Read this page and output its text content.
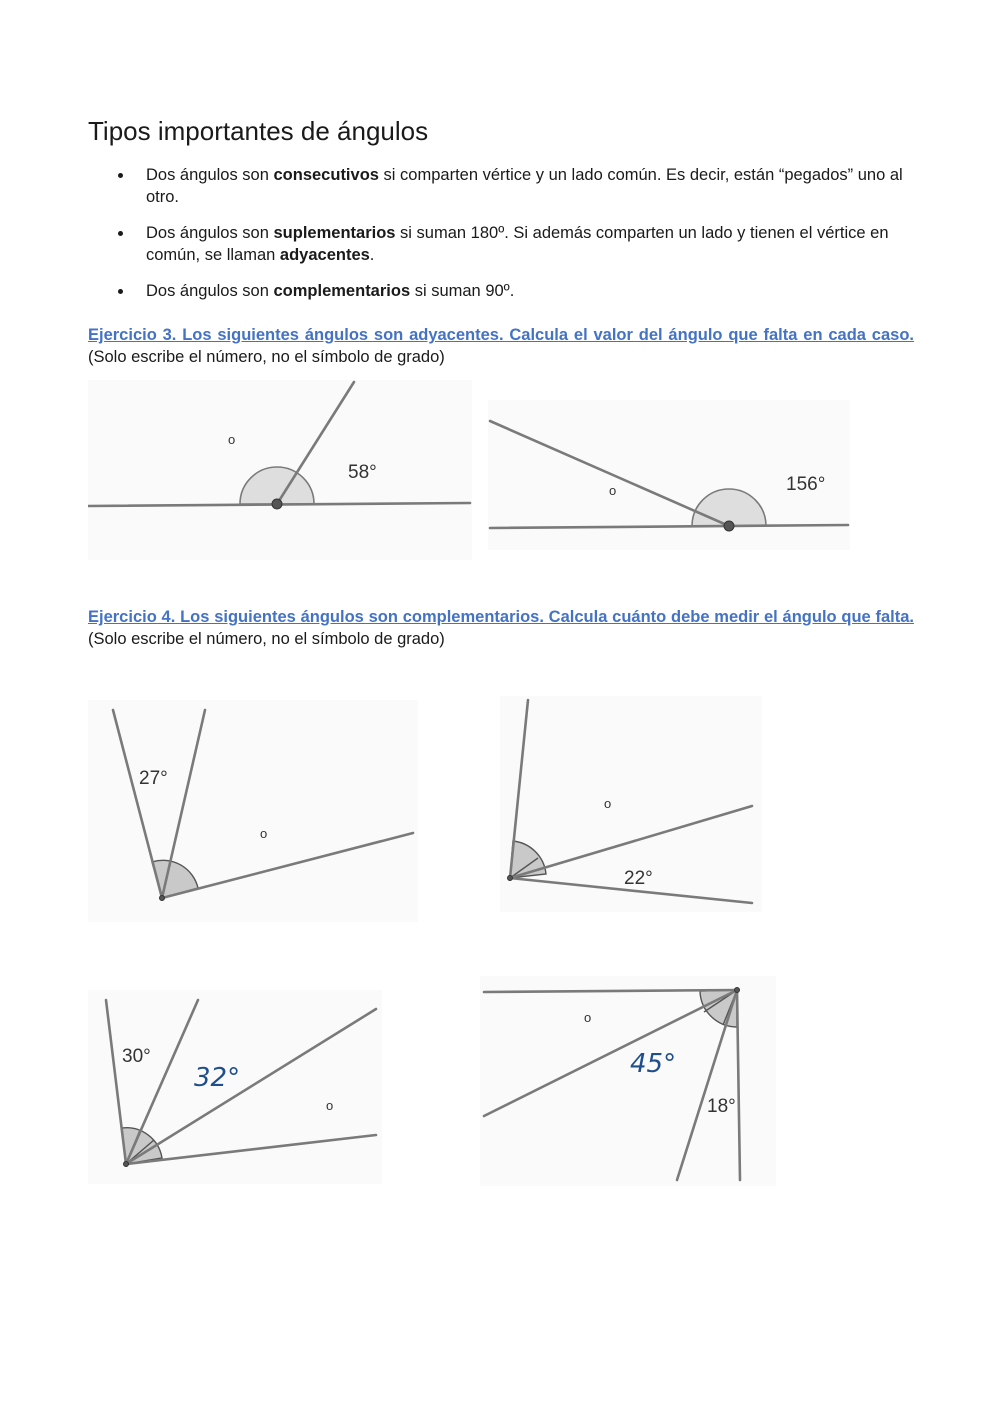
Tipos importantes de ángulos
Dos ángulos son consecutivos si comparten vértice y un lado común. Es decir, están “pegados” uno al otro.
Dos ángulos son suplementarios si suman 180º. Si además comparten un lado y tienen el vértice en común, se llaman adyacentes.
Dos ángulos son complementarios si suman 90º.
Ejercicio 3. Los siguientes ángulos son adyacentes. Calcula el valor del ángulo que falta en cada caso. (Solo escribe el número, no el símbolo de grado)
o
58°
o	156°
Ejercicio 4. Los siguientes ángulos son complementarios. Calcula cuánto debe medir el ángulo que falta. (Solo escribe el número, no el símbolo de grado)
27°
o
o
22°
30°
32°
o
o
45°
18°
